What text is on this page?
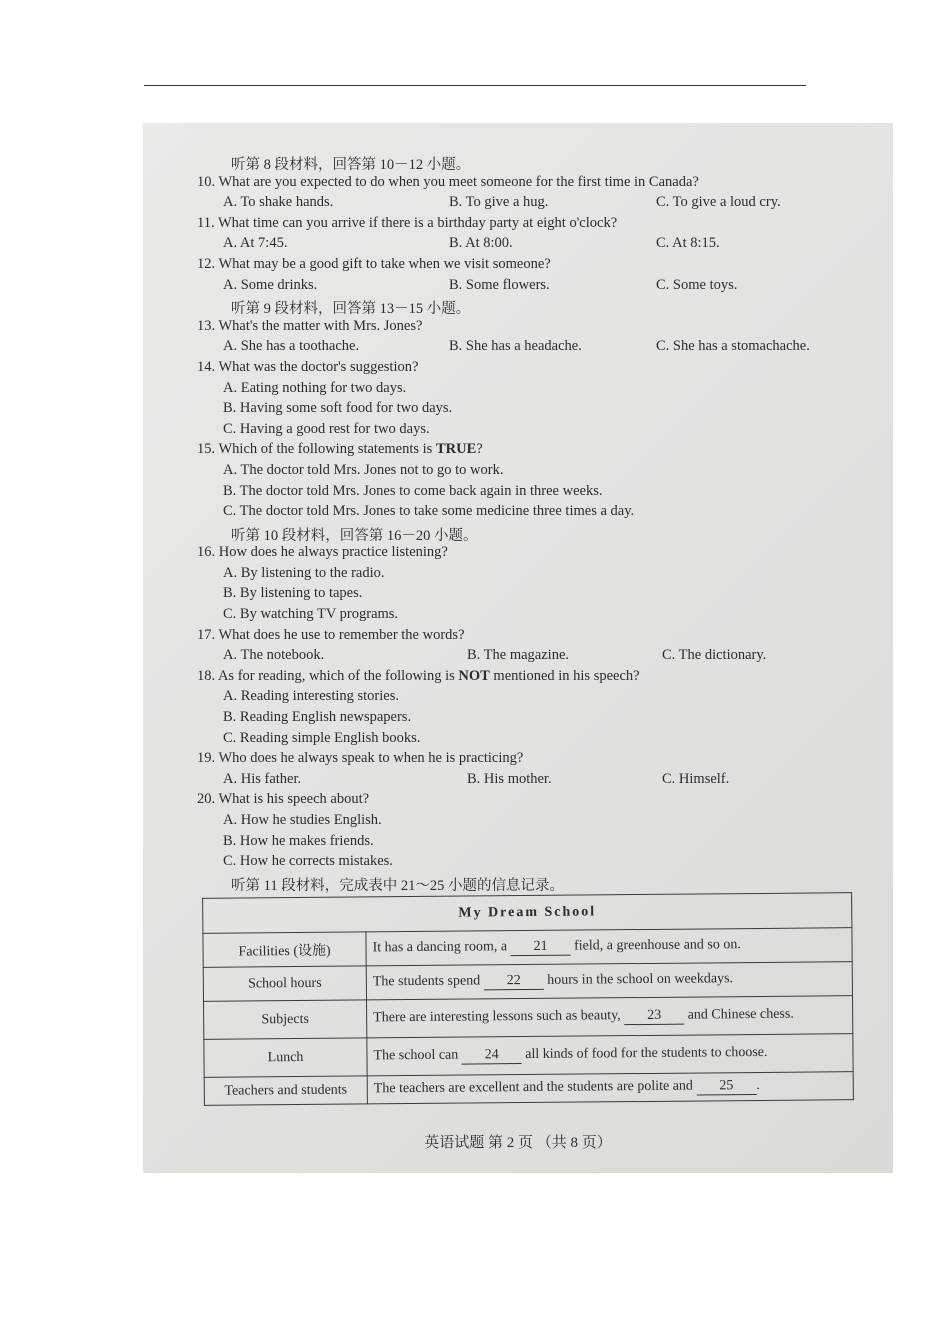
听第 8 段材料，回答第 10－12 小题。
10. What are you expected to do when you meet someone for the first time in Canada?
A. To shake hands.	B. To give a hug.	C. To give a loud cry.
11. What time can you arrive if there is a birthday party at eight o'clock?
A. At 7:45.	B. At 8:00.	C. At 8:15.
12. What may be a good gift to take when we visit someone?
A. Some drinks.	B. Some flowers.	C. Some toys.
听第 9 段材料，回答第 13－15 小题。
13. What's the matter with Mrs. Jones?
A. She has a toothache.	B. She has a headache.	C. She has a stomachache.
14. What was the doctor's suggestion?
A. Eating nothing for two days.
B. Having some soft food for two days.
C. Having a good rest for two days.
15. Which of the following statements is TRUE?
A. The doctor told Mrs. Jones not to go to work.
B. The doctor told Mrs. Jones to come back again in three weeks.
C. The doctor told Mrs. Jones to take some medicine three times a day.
听第 10 段材料，回答第 16－20 小题。
16. How does he always practice listening?
A. By listening to the radio.
B. By listening to tapes.
C. By watching TV programs.
17. What does he use to remember the words?
A. The notebook.	B. The magazine.	C. The dictionary.
18. As for reading, which of the following is NOT mentioned in his speech?
A. Reading interesting stories.
B. Reading English newspapers.
C. Reading simple English books.
19. Who does he always speak to when he is practicing?
A. His father.	B. His mother.	C. Himself.
20. What is his speech about?
A. How he studies English.
B. How he makes friends.
C. How he corrects mistakes.
听第 11 段材料，完成表中 21～25 小题的信息记录。
My Dream School	
Facilities (设施)	It has a dancing room, a 21 field, a greenhouse and so on.
School hours	The students spend 22 hours in the school on weekdays.
Subjects	There are interesting lessons such as beauty, 23 and Chinese chess.
Lunch	The school can 24 all kinds of food for the students to choose.
Teachers and students	The teachers are excellent and the students are polite and 25 .
英语试题 第 2 页 （共 8 页）
